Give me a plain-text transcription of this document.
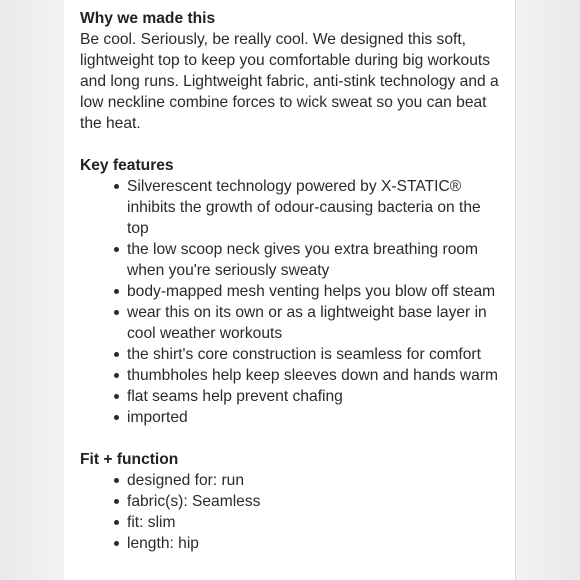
Why we made this
Be cool. Seriously, be really cool. We designed this soft, lightweight top to keep you comfortable during big workouts and long runs. Lightweight fabric, anti-stink technology and a low neckline combine forces to wick sweat so you can beat the heat.
Key features
Silverescent technology powered by X-STATIC® inhibits the growth of odour-causing bacteria on the top
the low scoop neck gives you extra breathing room when you're seriously sweaty
body-mapped mesh venting helps you blow off steam
wear this on its own or as a lightweight base layer in cool weather workouts
the shirt's core construction is seamless for comfort
thumbholes help keep sleeves down and hands warm
flat seams help prevent chafing
imported
Fit + function
designed for: run
fabric(s): Seamless
fit: slim
length: hip
